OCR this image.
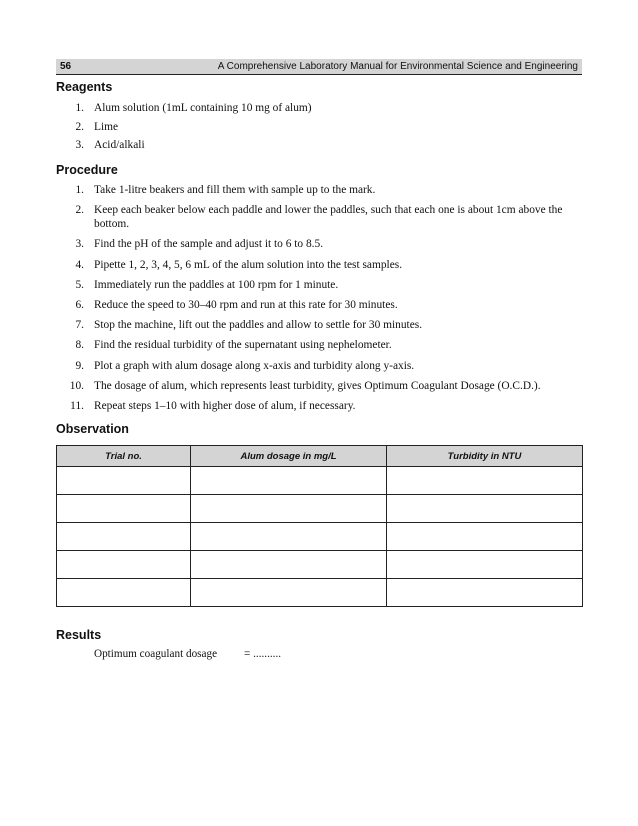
56	A Comprehensive Laboratory Manual for Environmental Science and Engineering
Reagents
1. Alum solution (1mL containing 10 mg of alum)
2. Lime
3. Acid/alkali
Procedure
1. Take 1-litre beakers and fill them with sample up to the mark.
2. Keep each beaker below each paddle and lower the paddles, such that each one is about 1cm above the bottom.
3. Find the pH of the sample and adjust it to 6 to 8.5.
4. Pipette 1, 2, 3, 4, 5, 6 mL of the alum solution into the test samples.
5. Immediately run the paddles at 100 rpm for 1 minute.
6. Reduce the speed to 30–40 rpm and run at this rate for 30 minutes.
7. Stop the machine, lift out the paddles and allow to settle for 30 minutes.
8. Find the residual turbidity of the supernatant using nephelometer.
9. Plot a graph with alum dosage along x-axis and turbidity along y-axis.
10. The dosage of alum, which represents least turbidity, gives Optimum Coagulant Dosage (O.C.D.).
11. Repeat steps 1–10 with higher dose of alum, if necessary.
Observation
Trial no.	Alum dosage in mg/L	Turbidity in NTU

Results
Optimum coagulant dosage = ..........
